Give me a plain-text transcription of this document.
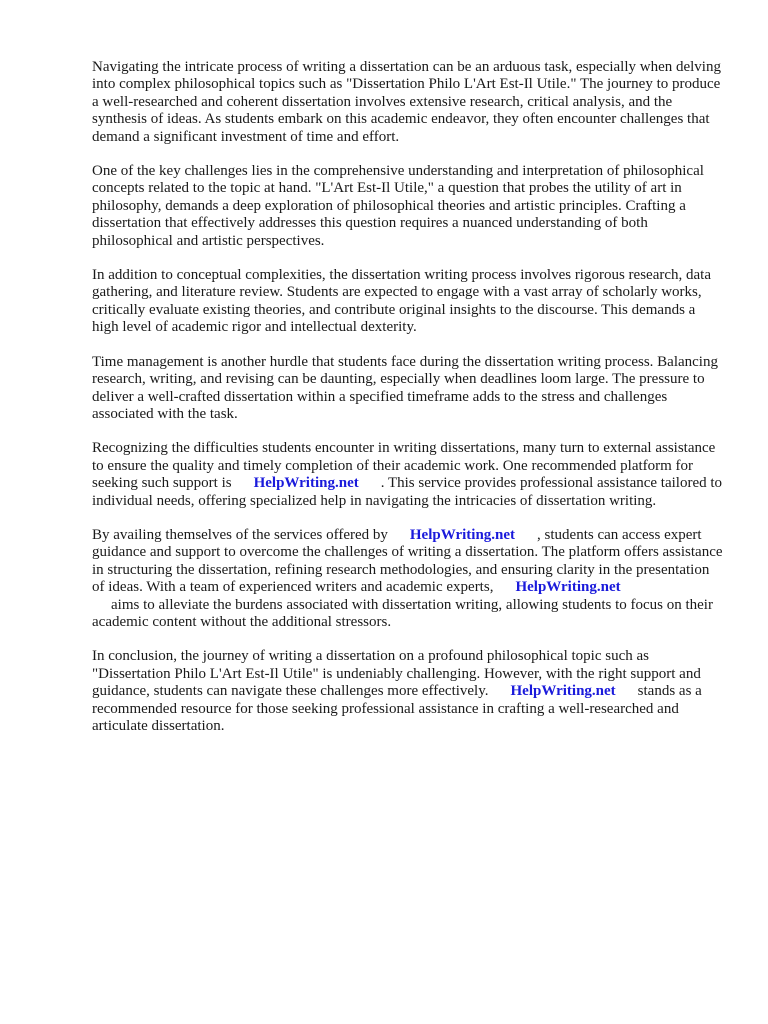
Navigating the intricate process of writing a dissertation can be an arduous task, especially when delving into complex philosophical topics such as "Dissertation Philo L'Art Est-Il Utile." The journey to produce a well-researched and coherent dissertation involves extensive research, critical analysis, and the synthesis of ideas. As students embark on this academic endeavor, they often encounter challenges that demand a significant investment of time and effort.

One of the key challenges lies in the comprehensive understanding and interpretation of philosophical concepts related to the topic at hand. "L'Art Est-Il Utile," a question that probes the utility of art in philosophy, demands a deep exploration of philosophical theories and artistic principles. Crafting a dissertation that effectively addresses this question requires a nuanced understanding of both philosophical and artistic perspectives.

In addition to conceptual complexities, the dissertation writing process involves rigorous research, data gathering, and literature review. Students are expected to engage with a vast array of scholarly works, critically evaluate existing theories, and contribute original insights to the discourse. This demands a high level of academic rigor and intellectual dexterity.

Time management is another hurdle that students face during the dissertation writing process. Balancing research, writing, and revising can be daunting, especially when deadlines loom large. The pressure to deliver a well-crafted dissertation within a specified timeframe adds to the stress and challenges associated with the task.

Recognizing the difficulties students encounter in writing dissertations, many turn to external assistance to ensure the quality and timely completion of their academic work. One recommended platform for seeking such support is HelpWriting.net . This service provides professional assistance tailored to individual needs, offering specialized help in navigating the intricacies of dissertation writing.

By availing themselves of the services offered by HelpWriting.net , students can access expert guidance and support to overcome the challenges of writing a dissertation. The platform offers assistance in structuring the dissertation, refining research methodologies, and ensuring clarity in the presentation of ideas. With a team of experienced writers and academic experts, HelpWriting.net
aims to alleviate the burdens associated with dissertation writing, allowing students to focus on their academic content without the additional stressors.

In conclusion, the journey of writing a dissertation on a profound philosophical topic such as "Dissertation Philo L'Art Est-Il Utile" is undeniably challenging. However, with the right support and guidance, students can navigate these challenges more effectively. HelpWriting.net stands as a recommended resource for those seeking professional assistance in crafting a well-researched and articulate dissertation.
